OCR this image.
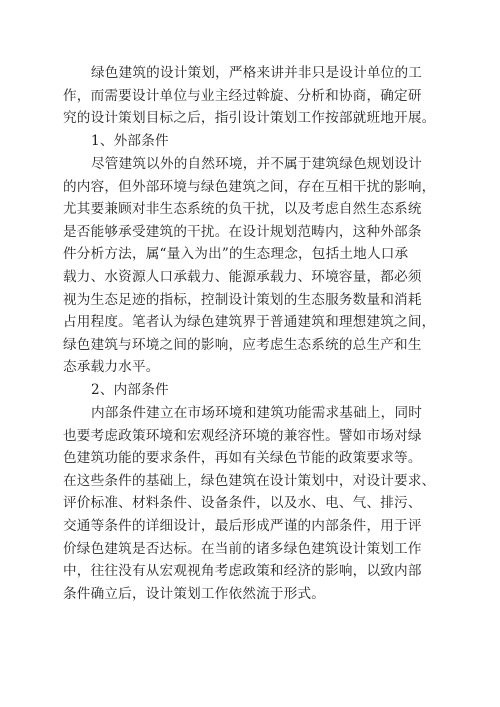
绿色建筑的设计策划，严格来讲并非只是设计单位的工
作，而需要设计单位与业主经过斡旋、分析和协商，确定研
究的设计策划目标之后，指引设计策划工作按部就班地开展。
1、外部条件
尽管建筑以外的自然环境，并不属于建筑绿色规划设计
的内容，但外部环境与绿色建筑之间，存在互相干扰的影响，
尤其要兼顾对非生态系统的负干扰，以及考虑自然生态系统
是否能够承受建筑的干扰。在设计规划范畴内，这种外部条
件分析方法，属“量入为出”的生态理念，包括土地人口承
载力、水资源人口承载力、能源承载力、环境容量，都必须
视为生态足迹的指标，控制设计策划的生态服务数量和消耗
占用程度。笔者认为绿色建筑界于普通建筑和理想建筑之间，
绿色建筑与环境之间的影响，应考虑生态系统的总生产和生
态承载力水平。
2、内部条件
内部条件建立在市场环境和建筑功能需求基础上，同时
也要考虑政策环境和宏观经济环境的兼容性。譬如市场对绿
色建筑功能的要求条件，再如有关绿色节能的政策要求等。
在这些条件的基础上，绿色建筑在设计策划中，对设计要求、
评价标准、材料条件、设备条件，以及水、电、气、排污、
交通等条件的详细设计，最后形成严谨的内部条件，用于评
价绿色建筑是否达标。在当前的诸多绿色建筑设计策划工作
中，往往没有从宏观视角考虑政策和经济的影响，以致内部
条件确立后，设计策划工作依然流于形式。
